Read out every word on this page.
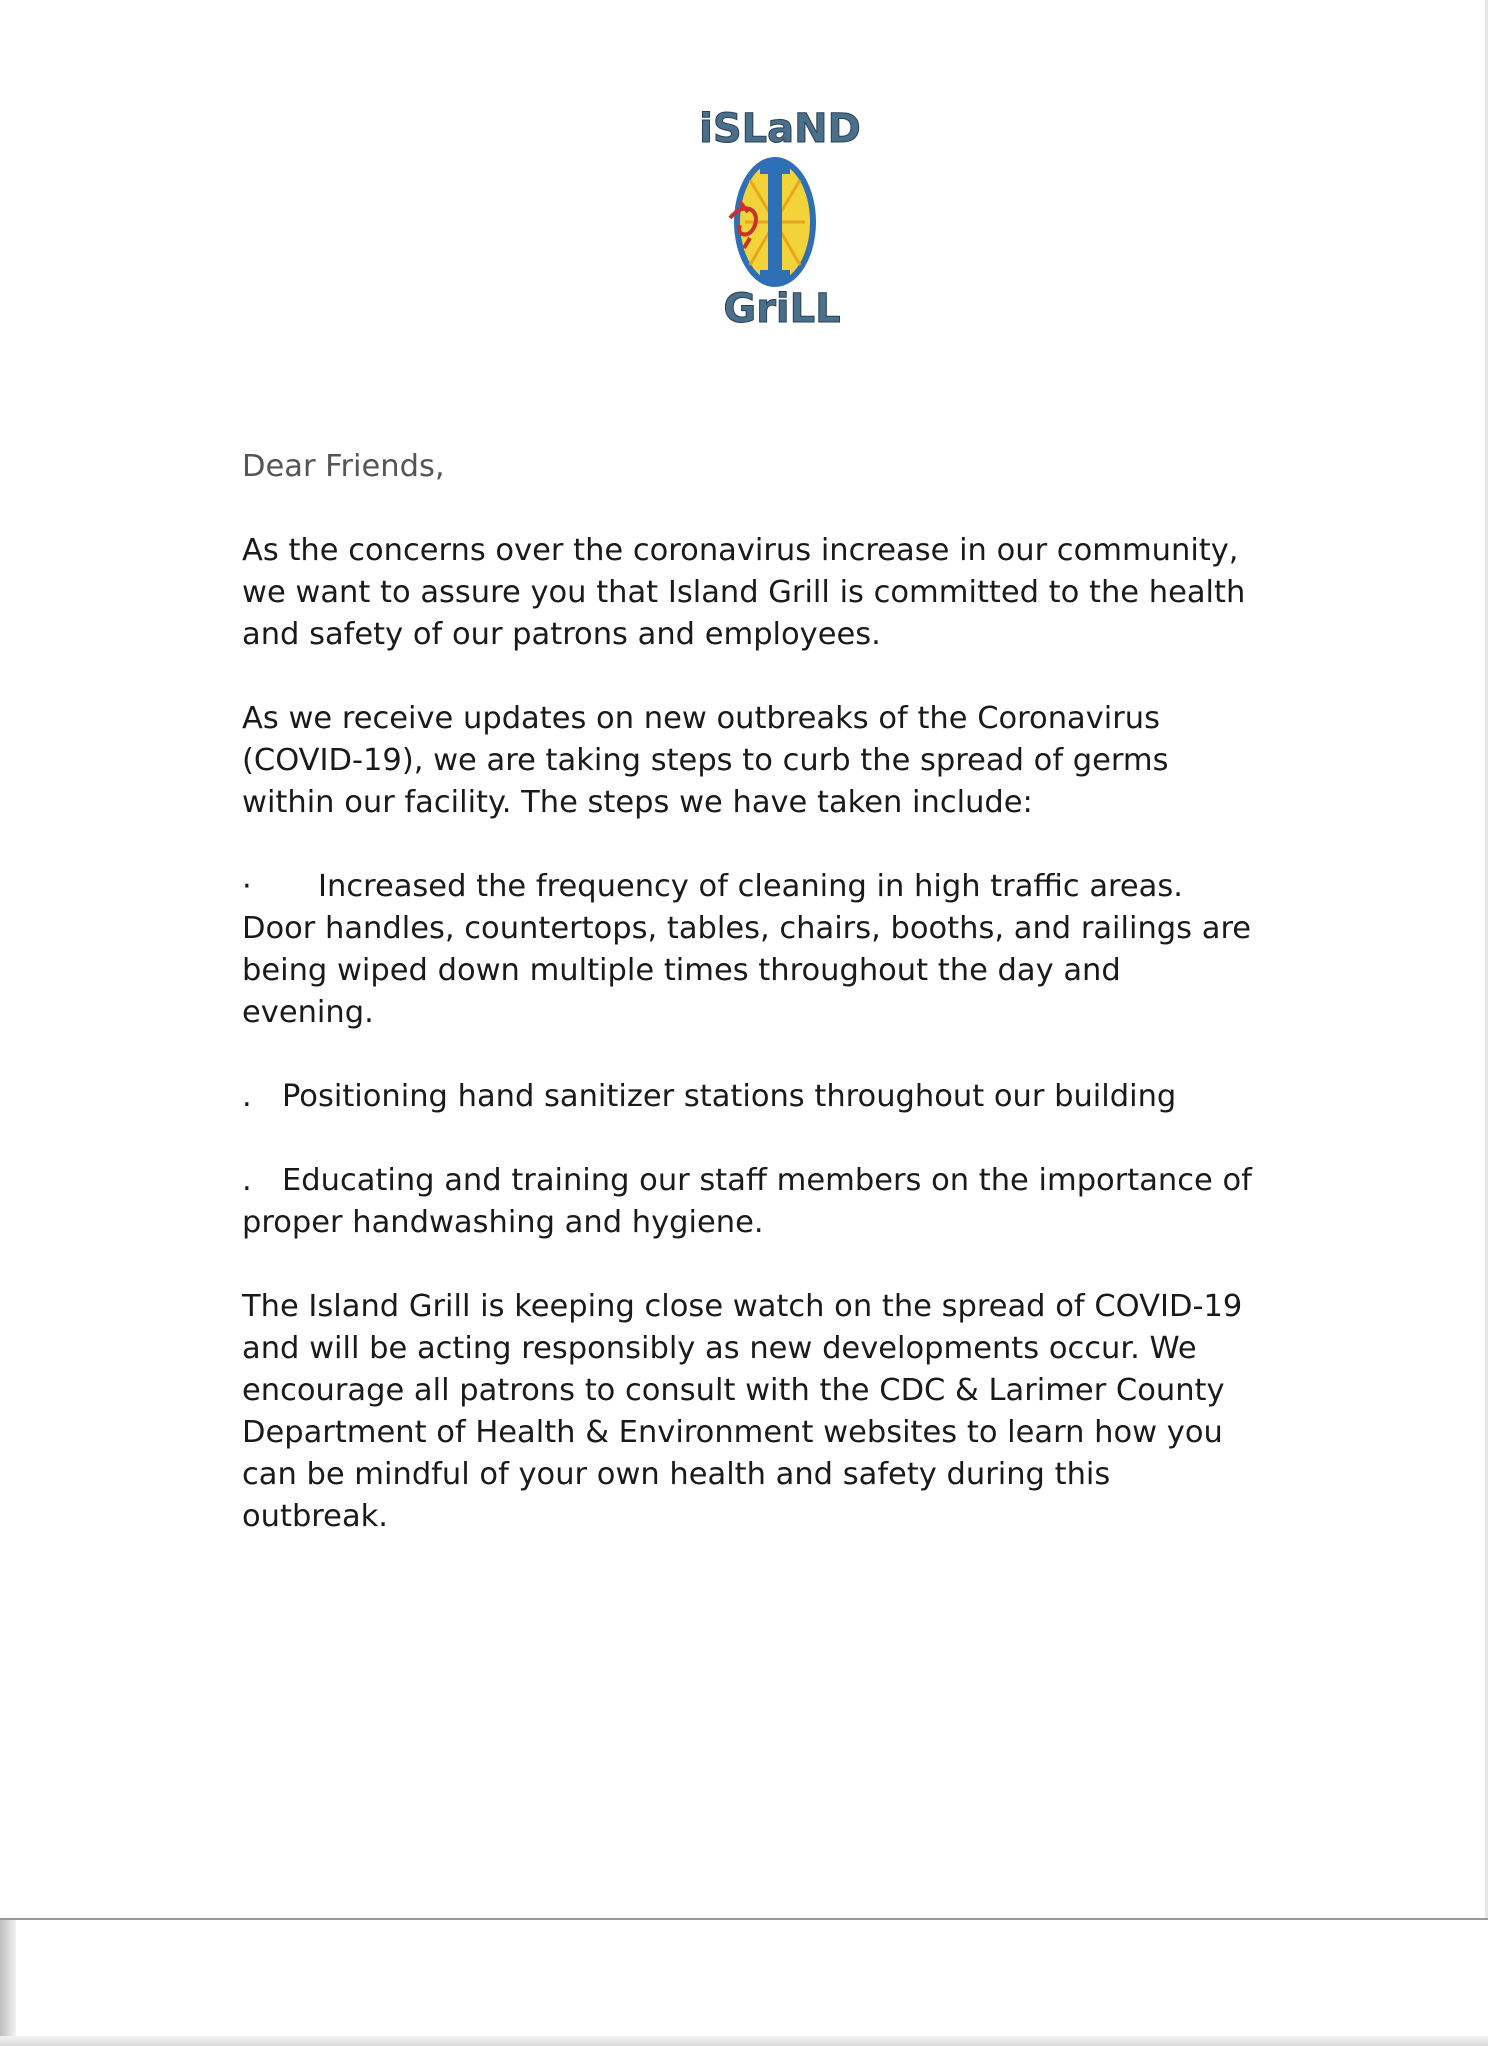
iSLaND
GriLL

Dear Friends,

As the concerns over the coronavirus increase in our community, we want to assure you that Island Grill is committed to the health and safety of our patrons and employees.

As we receive updates on new outbreaks of the Coronavirus (COVID-19), we are taking steps to curb the spread of germs within our facility. The steps we have taken include:

· Increased the frequency of cleaning in high traffic areas. Door handles, countertops, tables, chairs, booths, and railings are being wiped down multiple times throughout the day and evening.

. Positioning hand sanitizer stations throughout our building

. Educating and training our staff members on the importance of proper handwashing and hygiene.

The Island Grill is keeping close watch on the spread of COVID-19 and will be acting responsibly as new developments occur. We encourage all patrons to consult with the CDC & Larimer County Department of Health & Environment websites to learn how you can be mindful of your own health and safety during this outbreak.
